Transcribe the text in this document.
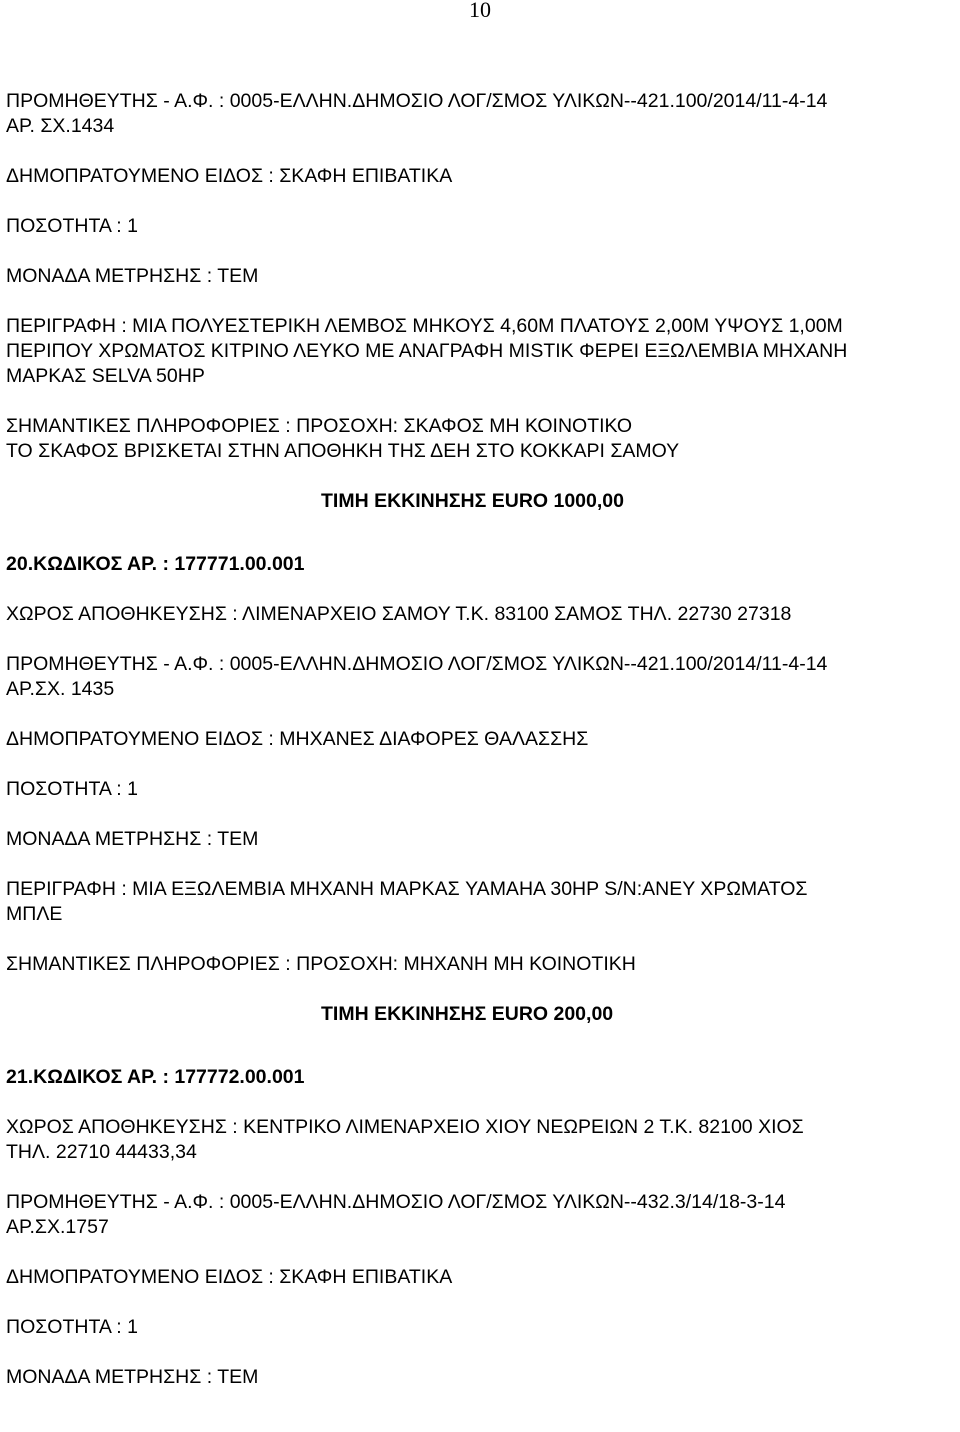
10

ΠΡΟΜΗΘΕΥΤΗΣ - Α.Φ. : 0005-ΕΛΛΗΝ.ΔΗΜΟΣΙΟ ΛΟΓ/ΣΜΟΣ ΥΛΙΚΩΝ--421.100/2014/11-4-14

ΑΡ. ΣΧ.1434

ΔΗΜΟΠΡΑΤΟΥΜΕΝΟ ΕΙΔΟΣ : ΣΚΑΦΗ ΕΠΙΒΑΤΙΚΑ

ΠΟΣΟΤΗΤΑ : 1

ΜΟΝΑΔΑ ΜΕΤΡΗΣΗΣ : ΤΕΜ

ΠΕΡΙΓΡΑΦΗ : ΜΙΑ ΠΟΛΥΕΣΤΕΡΙΚΗ ΛΕΜΒΟΣ ΜΗΚΟΥΣ 4,60Μ ΠΛΑΤΟΥΣ 2,00Μ ΥΨΟΥΣ 1,00Μ

ΠΕΡΙΠΟΥ ΧΡΩΜΑΤΟΣ ΚΙΤΡΙΝΟ ΛΕΥΚΟ ΜΕ ΑΝΑΓΡΑΦΗ MISTIK ΦΕΡΕΙ ΕΞΩΛΕΜΒΙΑ ΜΗΧΑΝΗ

ΜΑΡΚΑΣ SELVA 50HP

ΣΗΜΑΝΤΙΚΕΣ ΠΛΗΡΟΦΟΡΙΕΣ : ΠΡΟΣΟΧΗ: ΣΚΑΦΟΣ ΜΗ ΚΟΙΝΟΤΙΚΟ

ΤΟ ΣΚΑΦΟΣ ΒΡΙΣΚΕΤΑΙ ΣΤΗΝ ΑΠΟΘΗΚΗ ΤΗΣ ΔΕΗ ΣΤΟ ΚΟΚΚΑΡΙ ΣΑΜΟΥ

ΤΙΜΗ ΕΚΚΙΝΗΣΗΣ EURO 1000,00

20.ΚΩΔΙΚΟΣ ΑΡ. : 177771.00.001

ΧΩΡΟΣ ΑΠΟΘΗΚΕΥΣΗΣ : ΛΙΜΕΝΑΡΧΕΙΟ ΣΑΜΟΥ Τ.Κ. 83100 ΣΑΜΟΣ ΤΗΛ. 22730 27318

ΠΡΟΜΗΘΕΥΤΗΣ - Α.Φ. : 0005-ΕΛΛΗΝ.ΔΗΜΟΣΙΟ ΛΟΓ/ΣΜΟΣ ΥΛΙΚΩΝ--421.100/2014/11-4-14

ΑΡ.ΣΧ. 1435

ΔΗΜΟΠΡΑΤΟΥΜΕΝΟ ΕΙΔΟΣ : ΜΗΧΑΝΕΣ ΔΙΑΦΟΡΕΣ ΘΑΛΑΣΣΗΣ

ΠΟΣΟΤΗΤΑ : 1

ΜΟΝΑΔΑ ΜΕΤΡΗΣΗΣ : ΤΕΜ

ΠΕΡΙΓΡΑΦΗ : ΜΙΑ ΕΞΩΛΕΜΒΙΑ ΜΗΧΑΝΗ ΜΑΡΚΑΣ YAMAHA 30HP S/N:ΑΝΕΥ ΧΡΩΜΑΤΟΣ

ΜΠΛΕ

ΣΗΜΑΝΤΙΚΕΣ ΠΛΗΡΟΦΟΡΙΕΣ : ΠΡΟΣΟΧΗ: ΜΗΧΑΝΗ ΜΗ ΚΟΙΝΟΤΙΚΗ

ΤΙΜΗ ΕΚΚΙΝΗΣΗΣ EURO 200,00

21.ΚΩΔΙΚΟΣ ΑΡ. : 177772.00.001

ΧΩΡΟΣ ΑΠΟΘΗΚΕΥΣΗΣ : ΚΕΝΤΡΙΚΟ ΛΙΜΕΝΑΡΧΕΙΟ ΧΙΟΥ ΝΕΩΡΕΙΩΝ 2 Τ.Κ. 82100 ΧΙΟΣ

ΤΗΛ. 22710 44433,34

ΠΡΟΜΗΘΕΥΤΗΣ - Α.Φ. : 0005-ΕΛΛΗΝ.ΔΗΜΟΣΙΟ ΛΟΓ/ΣΜΟΣ ΥΛΙΚΩΝ--432.3/14/18-3-14

ΑΡ.ΣΧ.1757

ΔΗΜΟΠΡΑΤΟΥΜΕΝΟ ΕΙΔΟΣ : ΣΚΑΦΗ ΕΠΙΒΑΤΙΚΑ

ΠΟΣΟΤΗΤΑ : 1

ΜΟΝΑΔΑ ΜΕΤΡΗΣΗΣ : ΤΕΜ
